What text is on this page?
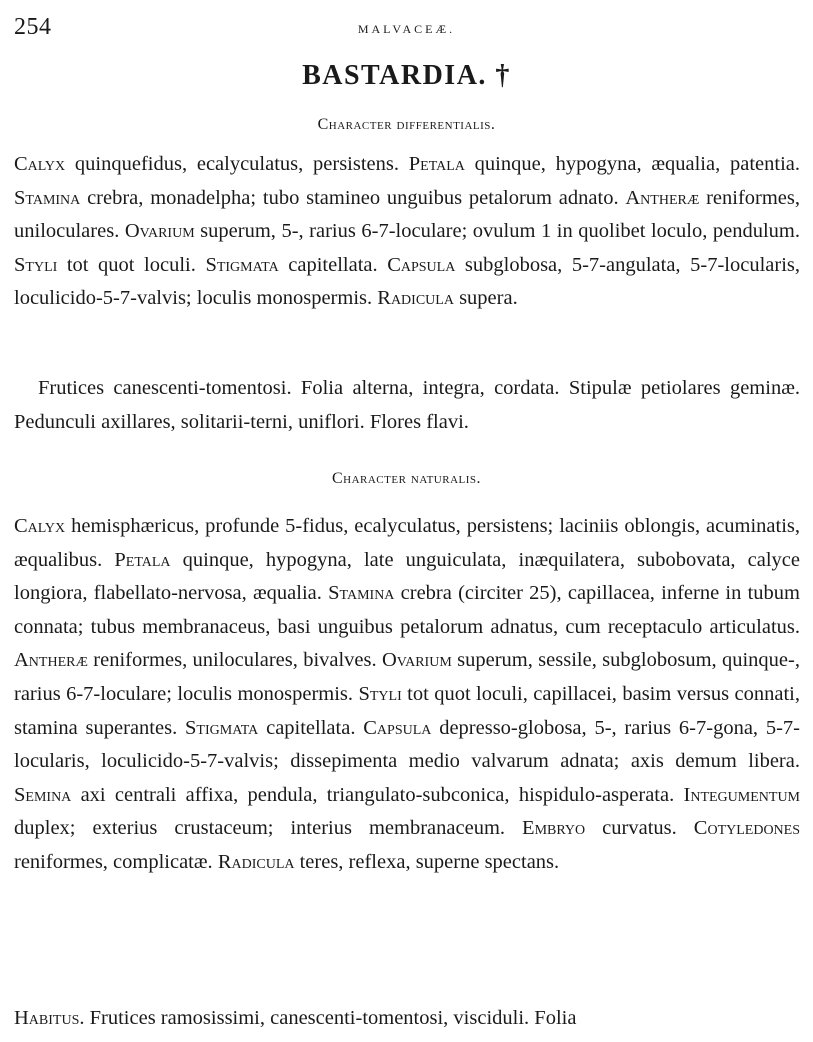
254	MALVACEÆ.
BASTARDIA. †
Character differentialis.

Calyx quinquefidus, ecalyculatus, persistens. Petala quinque, hypogyna, æqualia, patentia. Stamina crebra, monadelpha; tubo stamineo unguibus petalorum adnato. Antheræ reniformes, uniloculares. Ovarium superum, 5-, rarius 6-7-loculare; ovulum 1 in quolibet loculo, pendulum. Styli tot quot loculi. Stigmata capitellata. Capsula subglobosa, 5-7-angulata, 5-7-locularis, loculicido-5-7-valvis; loculis monospermis. Radicula supera.

Frutices canescenti-tomentosi. Folia alterna, integra, cordata. Stipulæ petiolares geminæ. Pedunculi axillares, solitarii-terni, uniflori. Flores flavi.

Character naturalis.

Calyx hemisphæricus, profunde 5-fidus, ecalyculatus, persistens; laciniis oblongis, acuminatis, æqualibus. Petala quinque, hypogyna, late unguiculata, inæquilatera, subobovata, calyce longiora, flabellato-nervosa, æqualia. Stamina crebra (circiter 25), capillacea, inferne in tubum connata; tubus membranaceus, basi unguibus petalorum adnatus, cum receptaculo articulatus. Antheræ reniformes, uniloculares, bivalves. Ovarium superum, sessile, subglobosum, quinque-, rarius 6-7-loculare; loculis monospermis. Styli tot quot loculi, capillacei, basim versus connati, stamina superantes. Stigmata capitellata. Capsula depresso-globosa, 5-, rarius 6-7-gona, 5-7-locularis, loculicido-5-7-valvis; dissepimenta medio valvarum adnata; axis demum libera. Semina axi centrali affixa, pendula, triangulato-subconica, hispidulo-asperata. Integumentum duplex; exterius crustaceum; interius membranaceum. Embryo curvatus. Cotyledones reniformes, complicatæ. Radicula teres, reflexa, superne spectans.

Habitus. Frutices ramosissimi, canescenti-tomentosi, visciduli. Folia
